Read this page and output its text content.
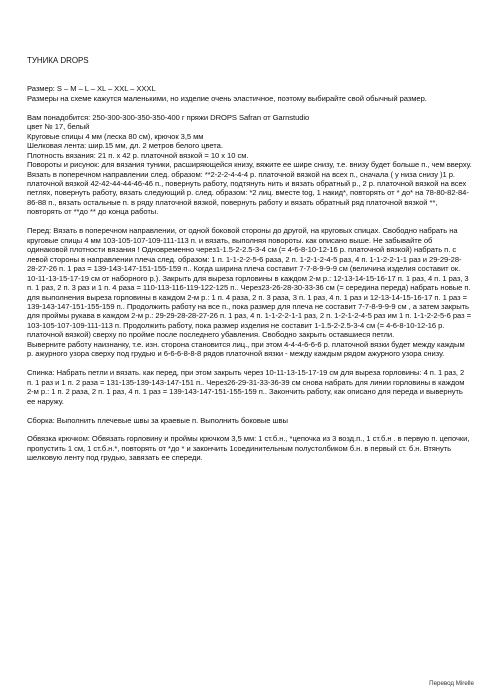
ТУНИКА DROPS

Размер: S – M – L – XL – XXL – XXXL
Размеры на схеме кажутся маленькими, но изделие очень эластичное, поэтому выбирайте свой обычный размер.

Вам понадобится: 250-300-300-350-350-400 г пряжи DROPS Safran от Garnstudio
цвет № 17, белый
Круговые спицы 4 мм (леска 80 см), крючок 3,5 мм
Шелковая лента: шир.15 мм, дл. 2 метров белого цвета.
Плотность вязания: 21 п. х 42 р. платочной вязкой = 10 х 10 см.
Повороты и рисунок: для вязания туники, расширяющейся книзу, вяжите ее шире снизу, т.е. внизу будет больше п., чем вверху.
Вязать в поперечном направлении след. образом: **2-2-2-4-4-4 р. платочной вязкой на всех п., сначала ( у низа снизу )1 р. платочной вязкой 42-42-44-44-46-46 п., повернуть работу, подтянуть нить и вязать обратный р., 2 р. платочной вязкой на всех петлях, повернуть работу, вязать следующий р. след. образом: *2 лиц. вместе tog, 1 накид*, повторять от * до* на 78-80-82-84-86-88 п., вязать остальные п. в ряду платочной вязкой, повернуть работу и вязать обратный ряд платочной вязкой **, повторять от **до ** до конца работы.

Перед: Вязать в поперечном направлении, от одной боковой стороны до другой, на круговых спицах. Свободно набрать на круговые спицы 4 мм 103-105-107-109-111-113 п. и вязать, выполняя повороты. как описано выше. Не забывайте об одинаковой плотности вязания ! Одновременно через1-1.5-2-2.5-3-4 см (= 4-6-8-10-12-16 р. платочной вязкой) набрать п. с левой стороны в направлении плеча след. образом: 1 п. 1-1-2-2-5-6 раза, 2 п. 1-2-1-2-4-5 раз, 4 п. 1-1-2-2-1-1 раз и 29-29-28-28-27-26 п. 1 раз = 139-143-147-151-155-159 п.. Когда ширина плеча составит 7-7-8-9-9-9 см (величина изделия составит ок. 10-11-13-15-17-19 см от наборного р.). Закрыть для выреза горловины в каждом 2-м р.: 12-13-14-15-16-17 п. 1 раз, 4 п. 1 раз, 3 п. 1 раз, 2 п. 3 раз и 1 п. 4 раза = 110-113-116-119-122-125 п.. Через23-26-28-30-33-36 см (= середина переда) набрать новые п. для выполнения выреза горловины в каждом 2-м р.: 1 п. 4 раза, 2 п. 3 раза, 3 п. 1 раз, 4 п. 1 раз и 12-13-14-15-16-17 п. 1 раз = 139-143-147-151-155-159 п.. Продолжить работу на все п., пока размер для плеча не составит 7-7-8-9-9-9 см , а затем закрыть для проймы рукава в каждом 2-м р.: 29-29-28-28-27-26 п. 1 раз, 4 п. 1-1-2-2-1-1 раз, 2 п. 1-2-1-2-4-5 раз им 1 п. 1-1-2-2-5-6 раз = 103-105-107-109-111-113 п. Продолжить работу, пока размер изделия не составит 1-1.5-2-2.5-3-4 см (= 4-6-8-10-12-16 р. платочной вязкой) сверху по пройме после последнего убавления. Свободно закрыть оставшиеся петли.
Выверните работу наизнанку, т.е. изн. сторона становится лиц., при этом 4-4-4-6-6-6 р. платочной вязки будет между каждым р. ажурного узора сверху под грудью и 6-6-6-8-8-8 рядов платочной вязки - между каждым рядом ажурного узора снизу.

Спинка: Набрать петли и вязать. как перед, при этом закрыть через 10-11-13-15-17-19 см для выреза горловины: 4 п. 1 раз, 2 п. 1 раз и 1 п. 2 раза = 131-135-139-143-147-151 п.. Через26-29-31-33-36-39 см снова набрать для линии горловины в каждом 2-м р.: 1 п. 2 раза, 2 п. 1 раз, 4 п. 1 раз = 139-143-147-151-155-159 п.. Закончить работу, как описано для переда и вывернуть ее наружу.

Сборка: Выполнить плечевые швы за краевые п. Выполнить боковые швы

Обвязка крючком: Обвязать горловину и проймы крючком 3,5 мм: 1 ст.б.н., *цепочка из 3 возд.п., 1 ст.б.н . в первую п. цепочки, пропустить 1 см, 1 ст.б.н.*, повторять от *до * и закончить 1соединительным полустолбиком б.н. в первый ст. б.н. Втянуть шелковую ленту под грудью, завязать ее спереди.

Перевод Mirelle
